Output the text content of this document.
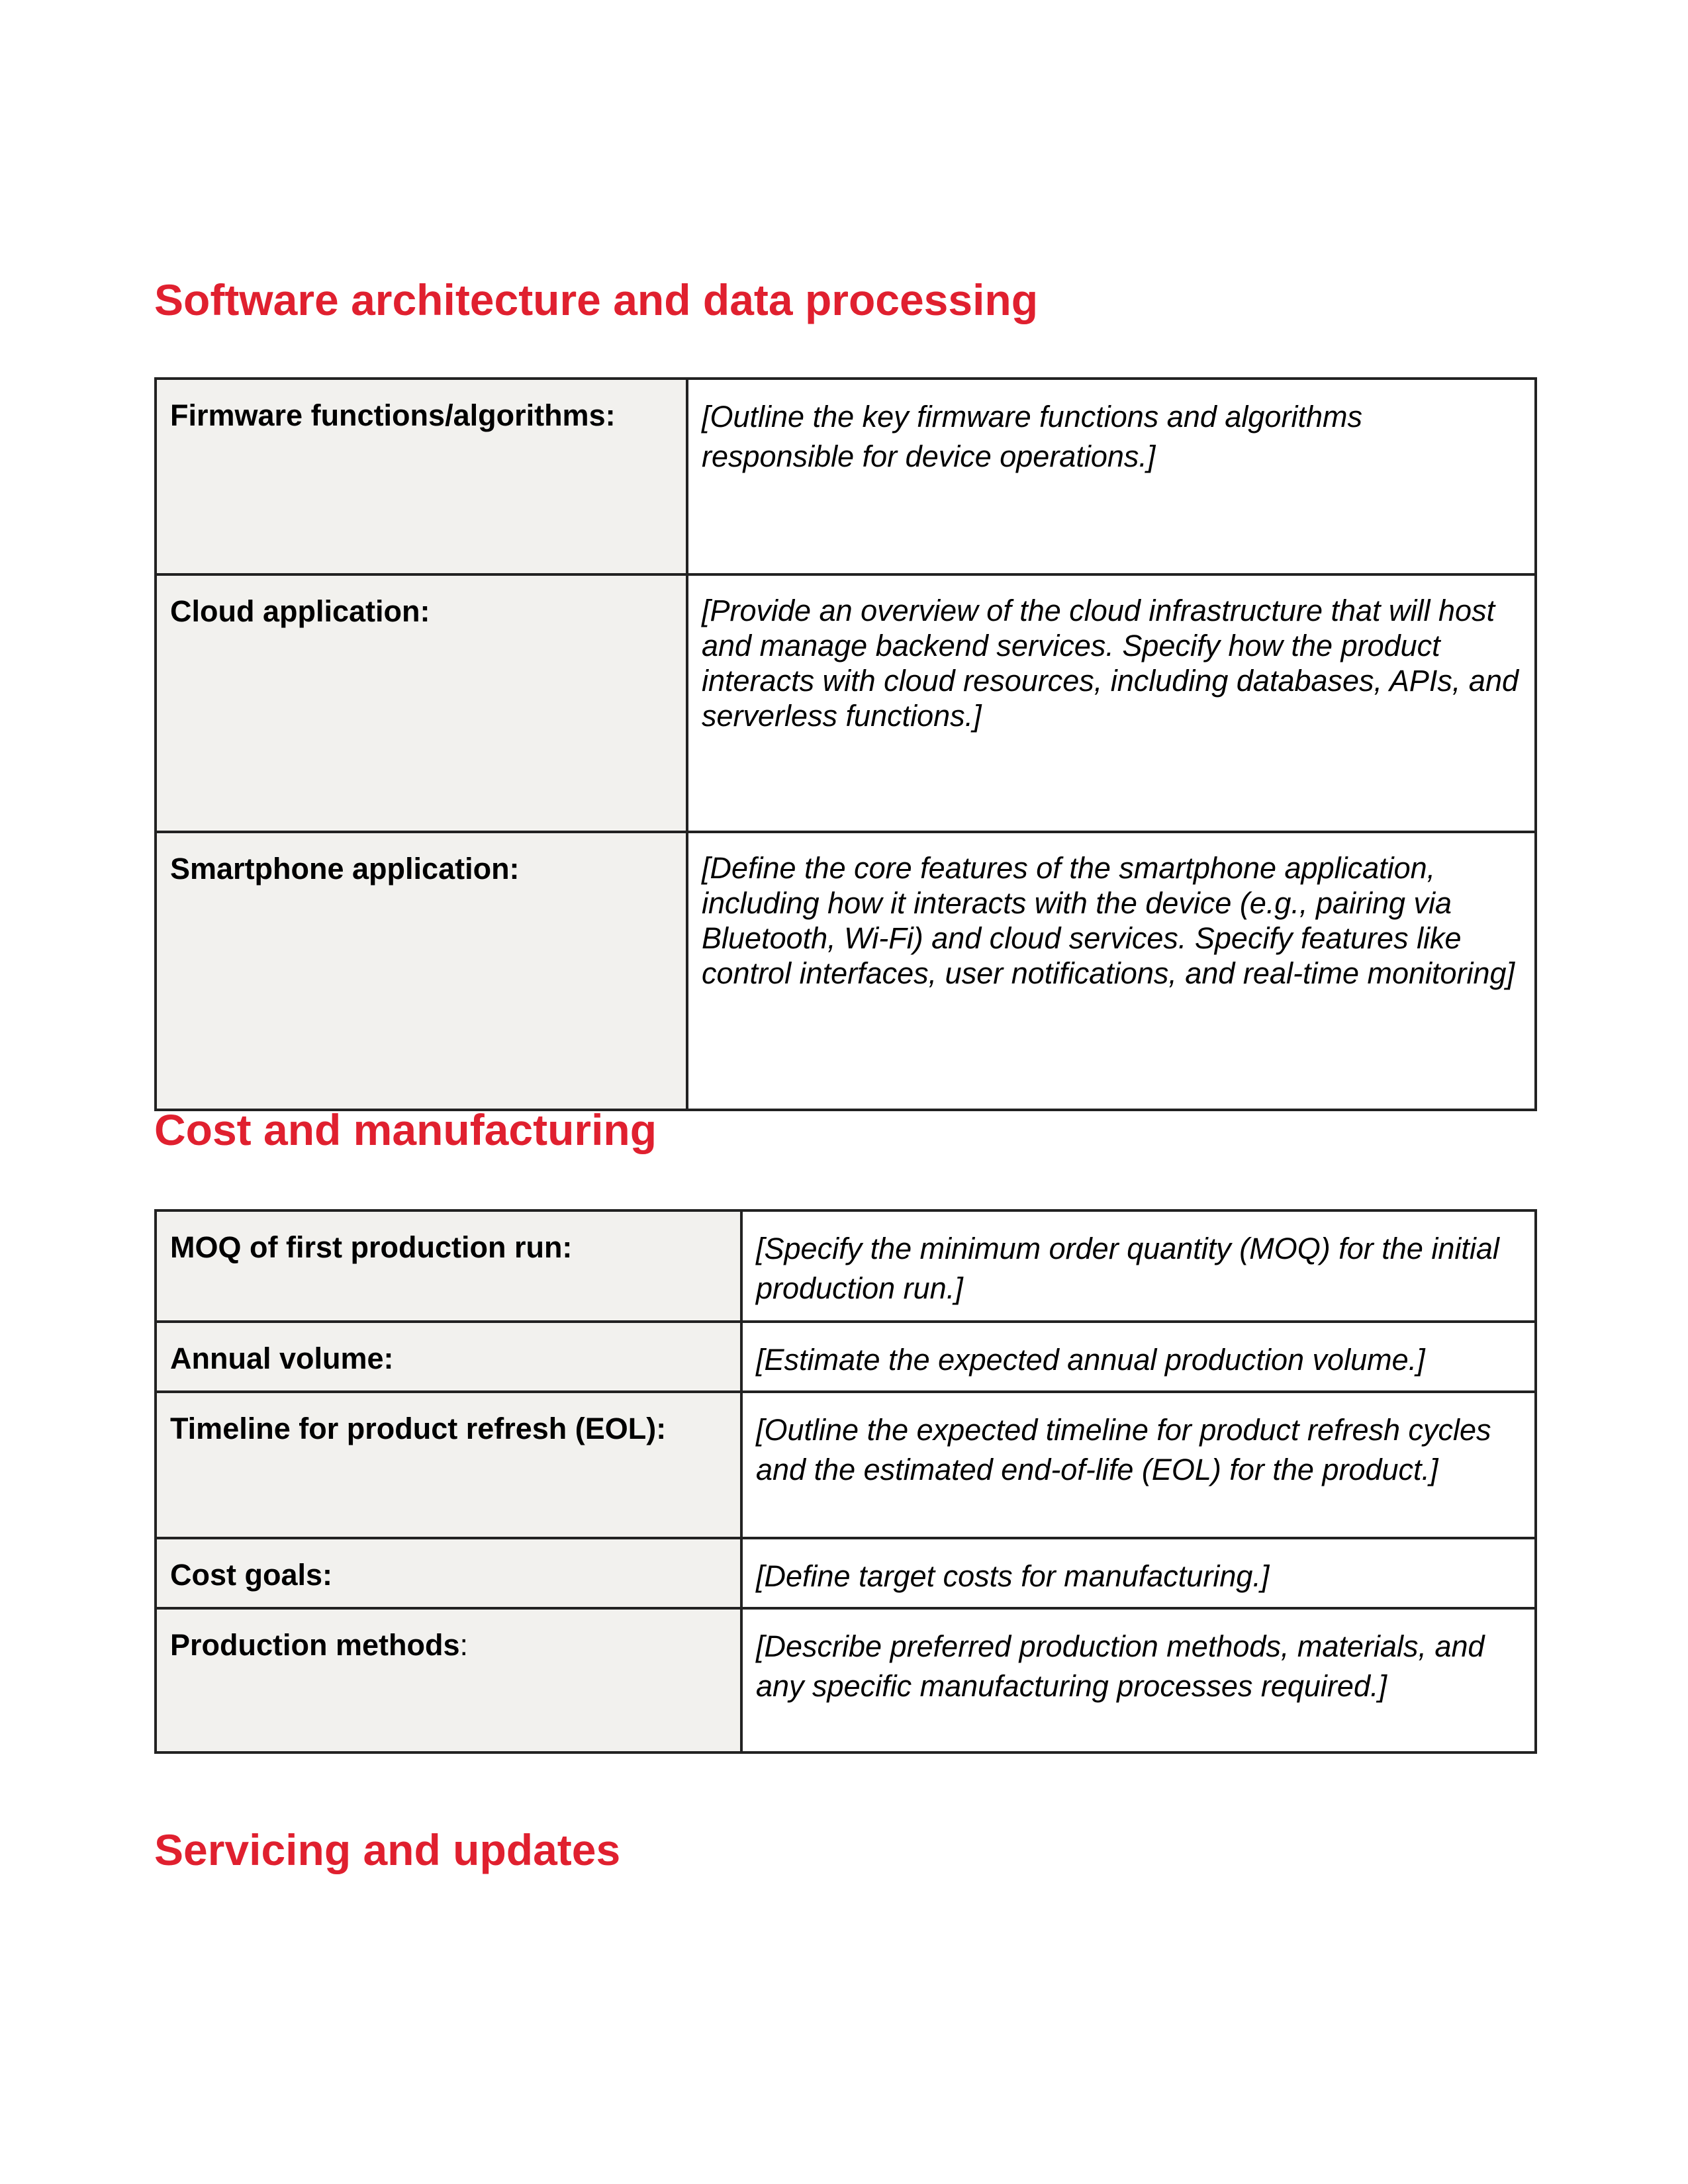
Software architecture and data processing
Firmware functions/algorithms:	[Outline the key firmware functions and algorithms responsible for device operations.]
Cloud application:	[Provide an overview of the cloud infrastructure that will host and manage backend services. Specify how the product interacts with cloud resources, including databases, APIs, and serverless functions.]
Smartphone application:	[Define the core features of the smartphone application, including how it interacts with the device (e.g., pairing via Bluetooth, Wi-Fi) and cloud services. Specify features like control interfaces, user notifications, and real-time monitoring]
Cost and manufacturing
MOQ of first production run:	[Specify the minimum order quantity (MOQ) for the initial production run.]
Annual volume:	[Estimate the expected annual production volume.]
Timeline for product refresh (EOL):	[Outline the expected timeline for product refresh cycles and the estimated end-of-life (EOL) for the product.]
Cost goals:	[Define target costs for manufacturing.]
Production methods:	[Describe preferred production methods, materials, and any specific manufacturing processes required.]
Servicing and updates
